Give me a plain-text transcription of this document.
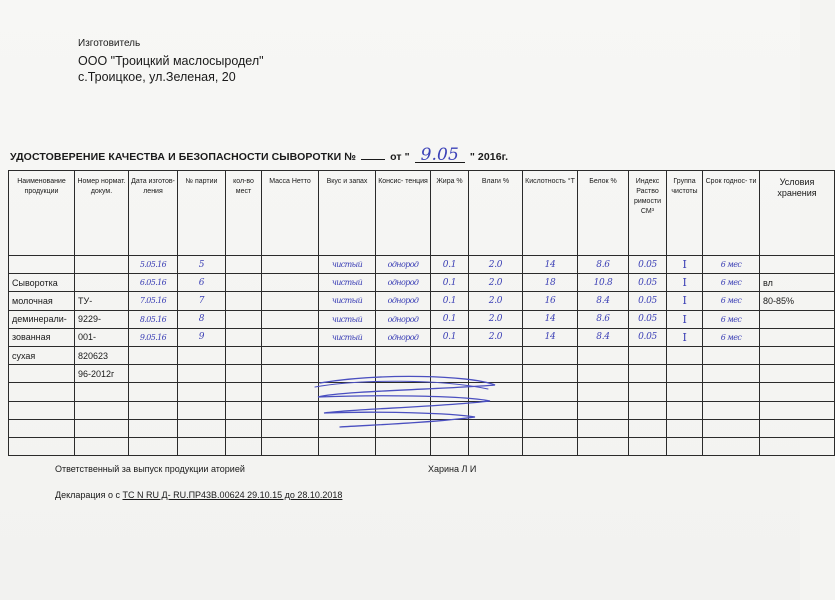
Изготовитель
ООО "Троицкий маслосыродел"
с.Троицкое, ул.Зеленая, 20
УДОСТОВЕРЕНИЕ КАЧЕСТВА И БЕЗОПАСНОСТИ СЫВОРОТКИ №	от " 9.05 " 2016г.
Наименование продукции	Номер нормат. докум.	Дата изготов- ления	№ партии	кол-во мест	Масса Нетто	Вкус и запах	Консис- тенция	Жира %	Влаги %	Кислотность °Т	Белок %	Индекс Раство римости СМ³	Группа чистоты	Срок годнос- ти	Условия хранения
		5.05.16	5			чистый	однород	0.1	2.0	14	8.6	0.05	I	6 мес	
Сыворотка		6.05.16	6			чистый	однород	0.1	2.0	18	10.8	0.05	I	6 мес	вл
молочная	ТУ-	7.05.16	7			чистый	однород	0.1	2.0	16	8.4	0.05	I	6 мес	80-85%
деминерали-	9229-	8.05.16	8			чистый	однород	0.1	2.0	14	8.6	0.05	I	6 мес	
зованная	001-	9.05.16	9			чистый	однород	0.1	2.0	14	8.4	0.05	I	6 мес	
сухая	820623														
	96-2012г														

Ответственный за выпуск продукции аторией	Харина Л И
Декларация о с ТС N RU Д- RU.ПР43В.00624 29.10.15 до 28.10.2018
